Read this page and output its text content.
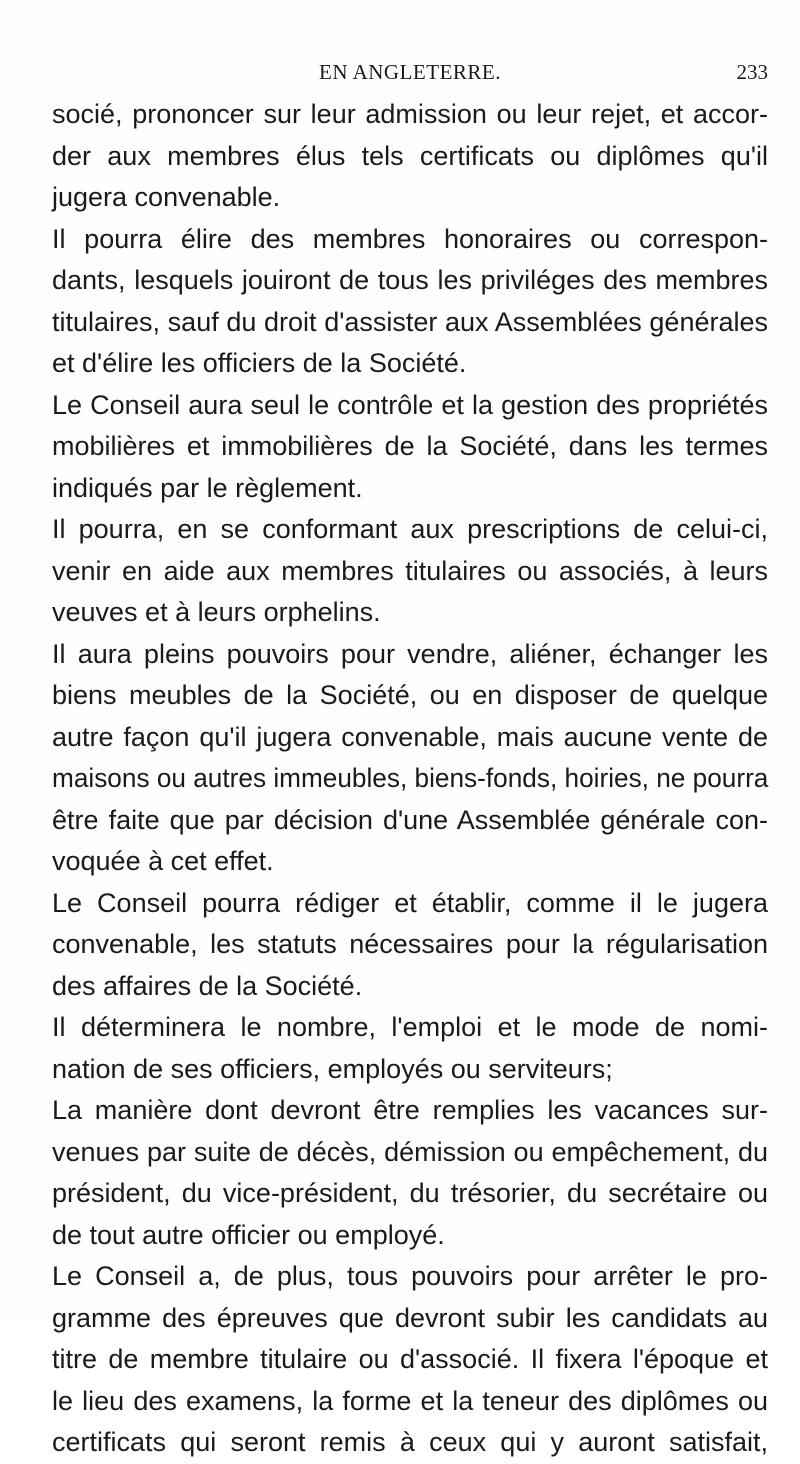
EN ANGLETERRE.	233
socié, prononcer sur leur admission ou leur rejet, et accor-
der aux membres élus tels certificats ou diplômes qu'il
jugera convenable.
Il pourra élire des membres honoraires ou correspon-
dants, lesquels jouiront de tous les priviléges des membres
titulaires, sauf du droit d'assister aux Assemblées générales
et d'élire les officiers de la Société.
Le Conseil aura seul le contrôle et la gestion des propriétés
mobilières et immobilières de la Société, dans les termes
indiqués par le règlement.
Il pourra, en se conformant aux prescriptions de celui-ci,
venir en aide aux membres titulaires ou associés, à leurs
veuves et à leurs orphelins.
Il aura pleins pouvoirs pour vendre, aliéner, échanger les
biens meubles de la Société, ou en disposer de quelque
autre façon qu'il jugera convenable, mais aucune vente de
maisons ou autres immeubles, biens-fonds, hoiries, ne pourra
être faite que par décision d'une Assemblée générale con-
voquée à cet effet.
Le Conseil pourra rédiger et établir, comme il le jugera
convenable, les statuts nécessaires pour la régularisation
des affaires de la Société.
Il déterminera le nombre, l'emploi et le mode de nomi-
nation de ses officiers, employés ou serviteurs;
La manière dont devront être remplies les vacances sur-
venues par suite de décès, démission ou empêchement, du
président, du vice-président, du trésorier, du secrétaire ou
de tout autre officier ou employé.
Le Conseil a, de plus, tous pouvoirs pour arrêter le pro-
gramme des épreuves que devront subir les candidats au
titre de membre titulaire ou d'associé. Il fixera l'époque et
le lieu des examens, la forme et la teneur des diplômes ou
certificats qui seront remis à ceux qui y auront satisfait,
